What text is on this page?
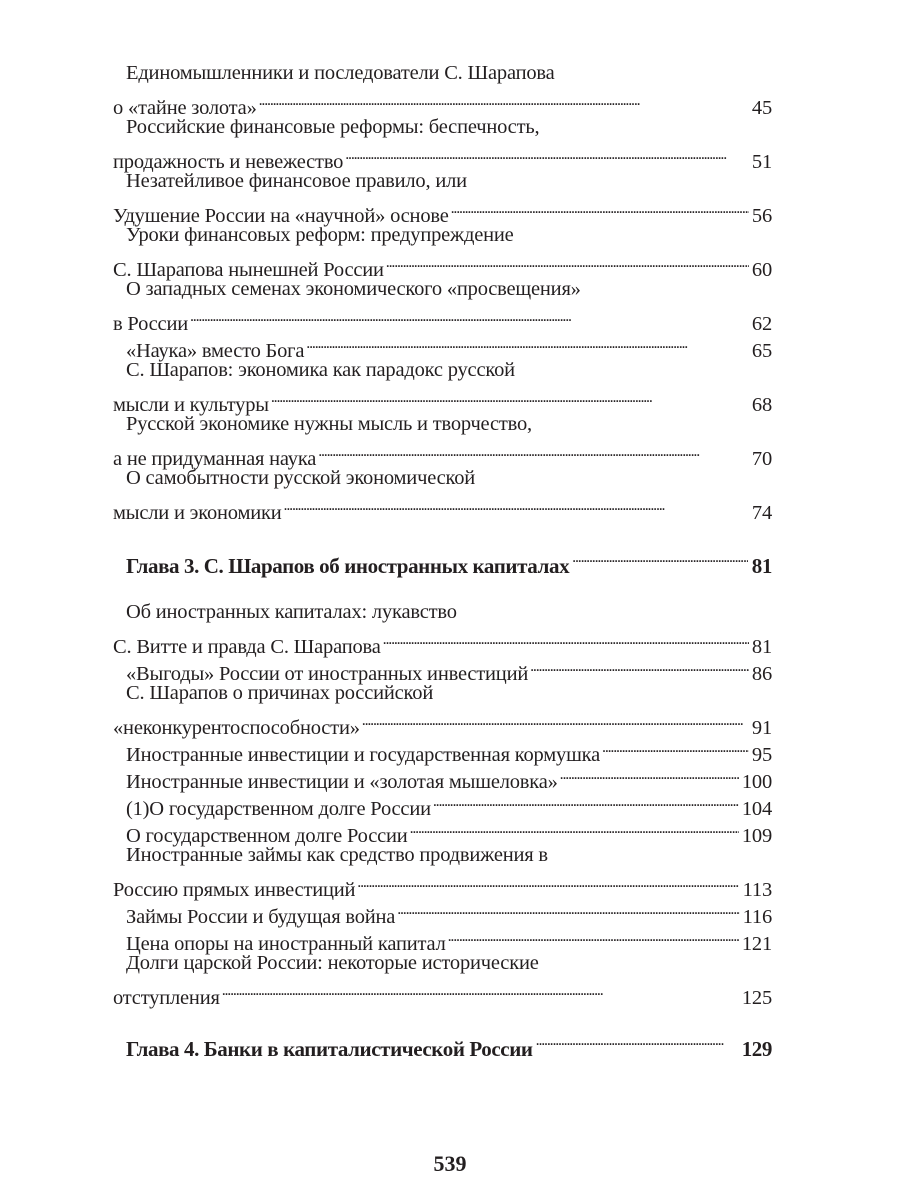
Единомышленники и последователи С. Шарапова
о «тайне золота» . . .	45
Российские финансовые реформы: беспечность,
продажность и невежество . . .	51
Незатейливое финансовое правило, или
Удушение России на «научной» основе . . .	56
Уроки финансовых реформ: предупреждение
С. Шарапова нынешней России . . .	60
О западных семенах экономического «просвещения»
в России . . .	62
«Наука» вместо Бога . . .	65
С. Шарапов: экономика как парадокс русской
мысли и культуры . . .	68
Русской экономике нужны мысль и творчество,
а не придуманная наука . . .	70
О самобытности русской экономической
мысли и экономики . . .	74
Глава 3. С. Шарапов об иностранных капиталах . . .	81
Об иностранных капиталах: лукавство
С. Витте и правда С. Шарапова . . .	81
«Выгоды» России от иностранных инвестиций . . .	86
С. Шарапов о причинах российской
«неконкурентоспособности» . . .	91
Иностранные инвестиции и государственная кормушка . . .	95
Иностранные инвестиции и «золотая мышеловка» . . .	100
(1)О государственном долге России . . .	104
О государственном долге России . . .	109
Иностранные займы как средство продвижения в
Россию прямых инвестиций . . .	113
Займы России и будущая война . . .	116
Цена опоры на иностранный капитал . . .	121
Долги царской России: некоторые исторические
отступления . . .	125
Глава 4. Банки в капиталистической России . . .	129
539
